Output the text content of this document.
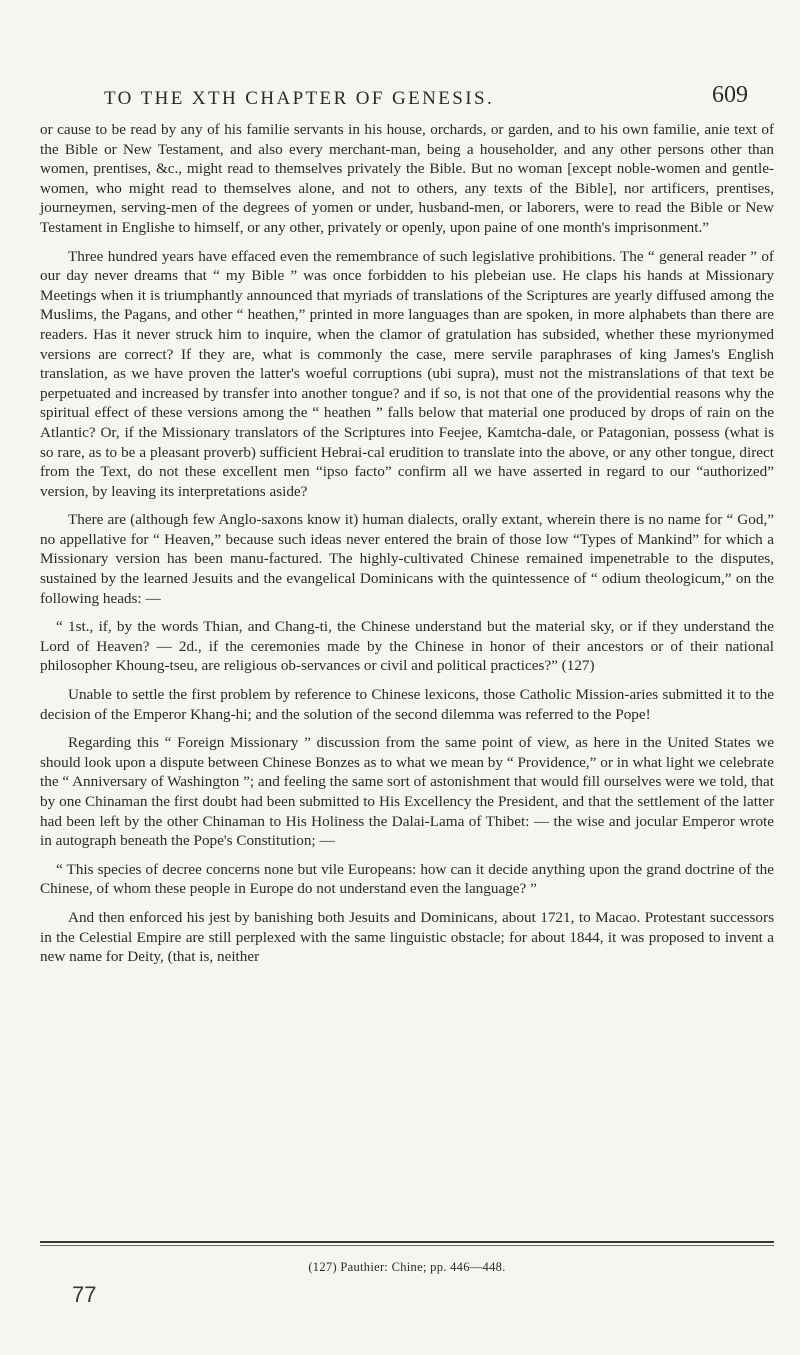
TO THE XTH CHAPTER OF GENESIS.	609

or cause to be read by any of his familie servants in his house, orchards, or garden, and to his own familie, anie text of the Bible or New Testament, and also every merchant-man, being a householder, and any other persons other than women, prentises, &c., might read to themselves privately the Bible. But no woman [except noble-women and gentle-women, who might read to themselves alone, and not to others, any texts of the Bible], nor artificers, prentises, journeymen, serving-men of the degrees of yomen or under, husband-men, or laborers, were to read the Bible or New Testament in Englishe to himself, or any other, privately or openly, upon paine of one month's imprisonment.”

Three hundred years have effaced even the remembrance of such legislative prohibitions. The “ general reader ” of our day never dreams that “ my Bible ” was once forbidden to his plebeian use. He claps his hands at Missionary Meetings when it is triumphantly announced that myriads of translations of the Scriptures are yearly diffused among the Muslims, the Pagans, and other “ heathen,” printed in more languages than are spoken, in more alphabets than there are readers. Has it never struck him to inquire, when the clamor of gratulation has subsided, whether these myrionymed versions are correct? If they are, what is commonly the case, mere servile paraphrases of king James's English translation, as we have proven the latter's woeful corruptions (ubi supra), must not the mistranslations of that text be perpetuated and increased by transfer into another tongue? and if so, is not that one of the providential reasons why the spiritual effect of these versions among the “ heathen ” falls below that material one produced by drops of rain on the Atlantic? Or, if the Missionary translators of the Scriptures into Feejee, Kamtcha-dale, or Patagonian, possess (what is so rare, as to be a pleasant proverb) sufficient Hebrai-cal erudition to translate into the above, or any other tongue, direct from the Text, do not these excellent men “ipso facto” confirm all we have asserted in regard to our “authorized” version, by leaving its interpretations aside?

There are (although few Anglo-saxons know it) human dialects, orally extant, wherein there is no name for “ God,” no appellative for “ Heaven,” because such ideas never entered the brain of those low “Types of Mankind” for which a Missionary version has been manu-factured. The highly-cultivated Chinese remained impenetrable to the disputes, sustained by the learned Jesuits and the evangelical Dominicans with the quintessence of “ odium theologicum,” on the following heads: —

“ 1st., if, by the words Thian, and Chang-ti, the Chinese understand but the material sky, or if they understand the Lord of Heaven? — 2d., if the ceremonies made by the Chinese in honor of their ancestors or of their national philosopher Khoung-tseu, are religious ob-servances or civil and political practices?” (127)

Unable to settle the first problem by reference to Chinese lexicons, those Catholic Mission-aries submitted it to the decision of the Emperor Khang-hi; and the solution of the second dilemma was referred to the Pope!

Regarding this “ Foreign Missionary ” discussion from the same point of view, as here in the United States we should look upon a dispute between Chinese Bonzes as to what we mean by “ Providence,” or in what light we celebrate the “ Anniversary of Washington ”; and feeling the same sort of astonishment that would fill ourselves were we told, that by one Chinaman the first doubt had been submitted to His Excellency the President, and that the settlement of the latter had been left by the other Chinaman to His Holiness the Dalai-Lama of Thibet: — the wise and jocular Emperor wrote in autograph beneath the Pope's Constitution; —

“ This species of decree concerns none but vile Europeans: how can it decide anything upon the grand doctrine of the Chinese, of whom these people in Europe do not understand even the language? ”

And then enforced his jest by banishing both Jesuits and Dominicans, about 1721, to Macao. Protestant successors in the Celestial Empire are still perplexed with the same linguistic obstacle; for about 1844, it was proposed to invent a new name for Deity, (that is, neither

(127) Pauthier: Chine; pp. 446—448.
77
